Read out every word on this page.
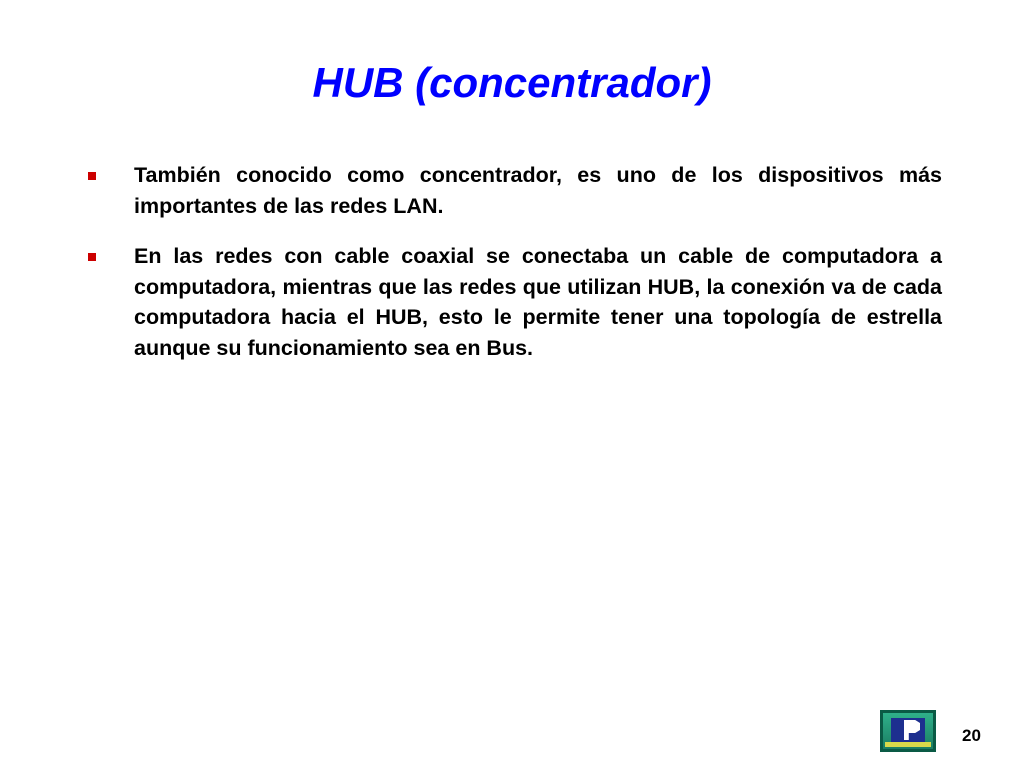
HUB (concentrador)
También conocido como concentrador, es uno de los dispositivos más importantes de las redes LAN.
En las redes con cable coaxial se conectaba un cable de computadora a computadora, mientras que las redes que utilizan HUB, la conexión va de cada computadora hacia el HUB, esto le permite tener una topología de estrella aunque su funcionamiento sea en Bus.
20
